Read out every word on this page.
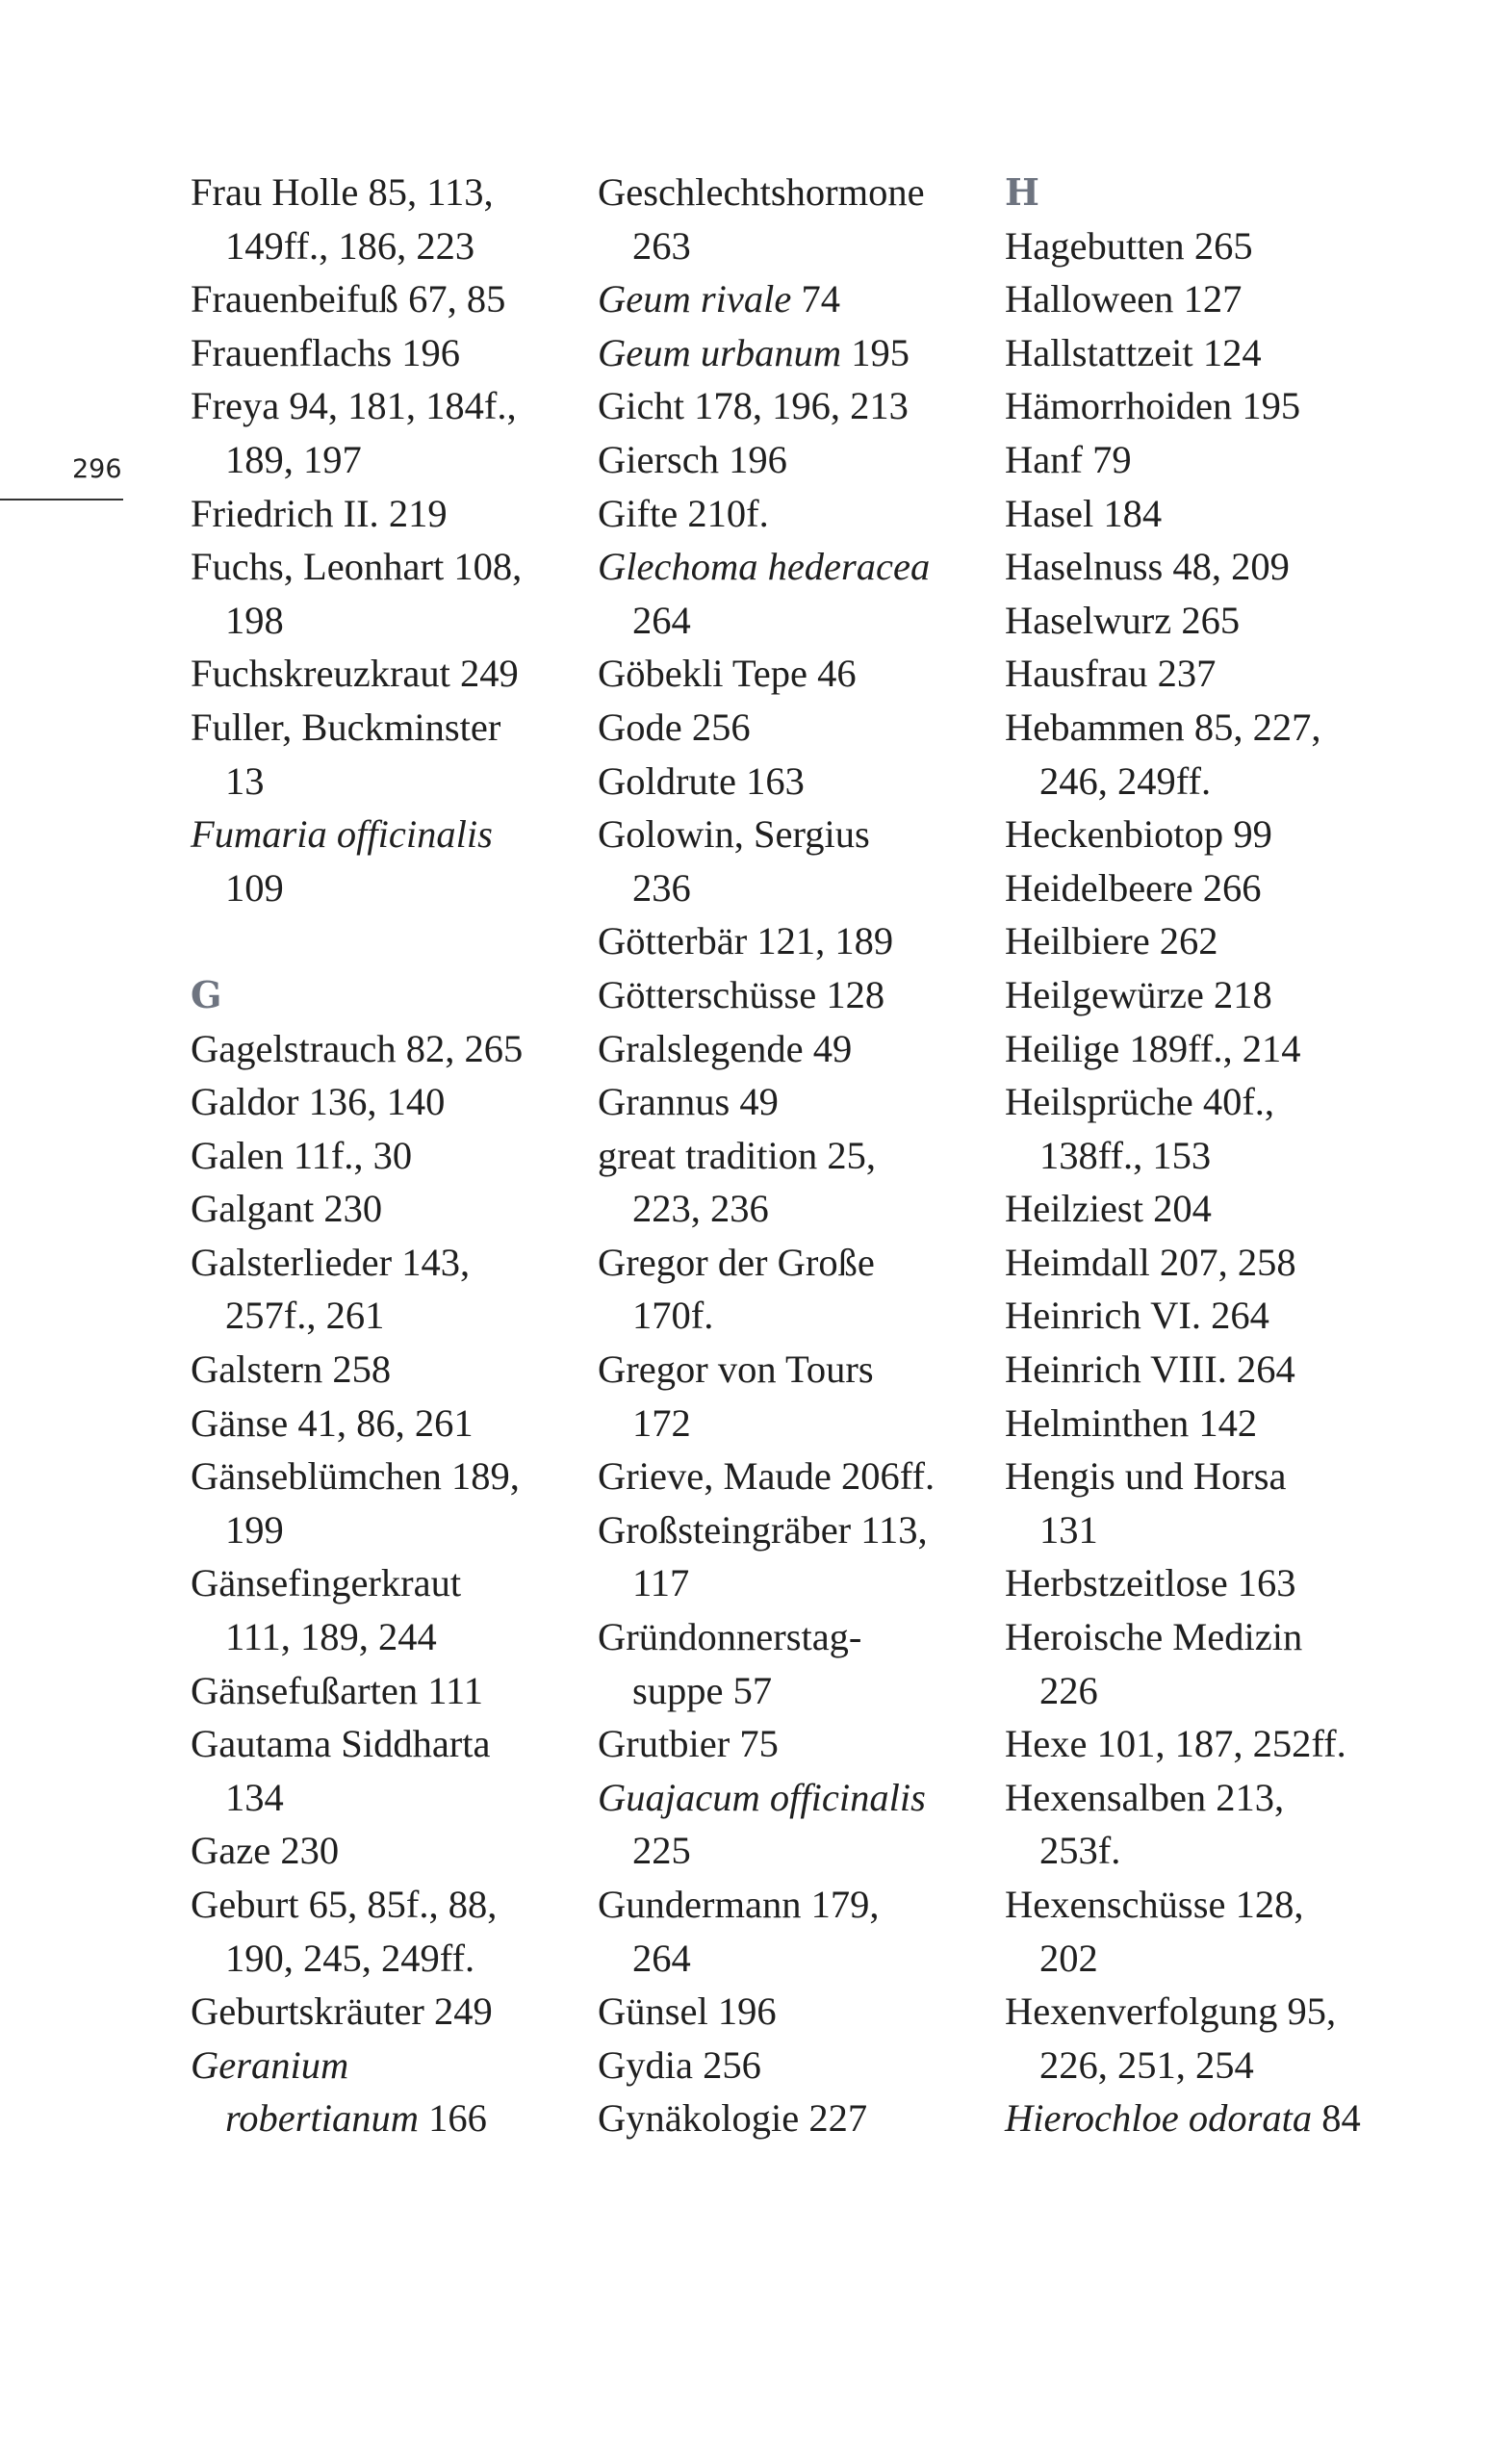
296
Frau Holle 85, 113,
149ff., 186, 223
Frauenbeifuß 67, 85
Frauenflachs 196
Freya 94, 181, 184f.,
189, 197
Friedrich II. 219
Fuchs, Leonhart 108,
198
Fuchskreuzkraut 249
Fuller, Buckminster
13
Fumaria officinalis
109
G
Gagelstrauch 82, 265
Galdor 136, 140
Galen 11f., 30
Galgant 230
Galsterlieder 143,
257f., 261
Galstern 258
Gänse 41, 86, 261
Gänseblümchen 189,
199
Gänsefingerkraut
111, 189, 244
Gänsefußarten 111
Gautama Siddharta
134
Gaze 230
Geburt 65, 85f., 88,
190, 245, 249ff.
Geburtskräuter 249
Geranium
robertianum 166
Geschlechtshormone
263
Geum rivale 74
Geum urbanum 195
Gicht 178, 196, 213
Giersch 196
Gifte 210f.
Glechoma hederacea
264
Göbekli Tepe 46
Gode 256
Goldrute 163
Golowin, Sergius
236
Götterbär 121, 189
Götterschüsse 128
Gralslegende 49
Grannus 49
great tradition 25,
223, 236
Gregor der Große
170f.
Gregor von Tours
172
Grieve, Maude 206ff.
Großsteingräber 113,
117
Gründonnerstag-
suppe 57
Grutbier 75
Guajacum officinalis
225
Gundermann 179,
264
Günsel 196
Gydia 256
Gynäkologie 227
H
Hagebutten 265
Halloween 127
Hallstattzeit 124
Hämorrhoiden 195
Hanf 79
Hasel 184
Haselnuss 48, 209
Haselwurz 265
Hausfrau 237
Hebammen 85, 227,
246, 249ff.
Heckenbiotop 99
Heidelbeere 266
Heilbiere 262
Heilgewürze 218
Heilige 189ff., 214
Heilsprüche 40f.,
138ff., 153
Heilziest 204
Heimdall 207, 258
Heinrich VI. 264
Heinrich VIII. 264
Helminthen 142
Hengis und Horsa
131
Herbstzeitlose 163
Heroische Medizin
226
Hexe 101, 187, 252ff.
Hexensalben 213,
253f.
Hexenschüsse 128,
202
Hexenverfolgung 95,
226, 251, 254
Hierochloe odorata 84
